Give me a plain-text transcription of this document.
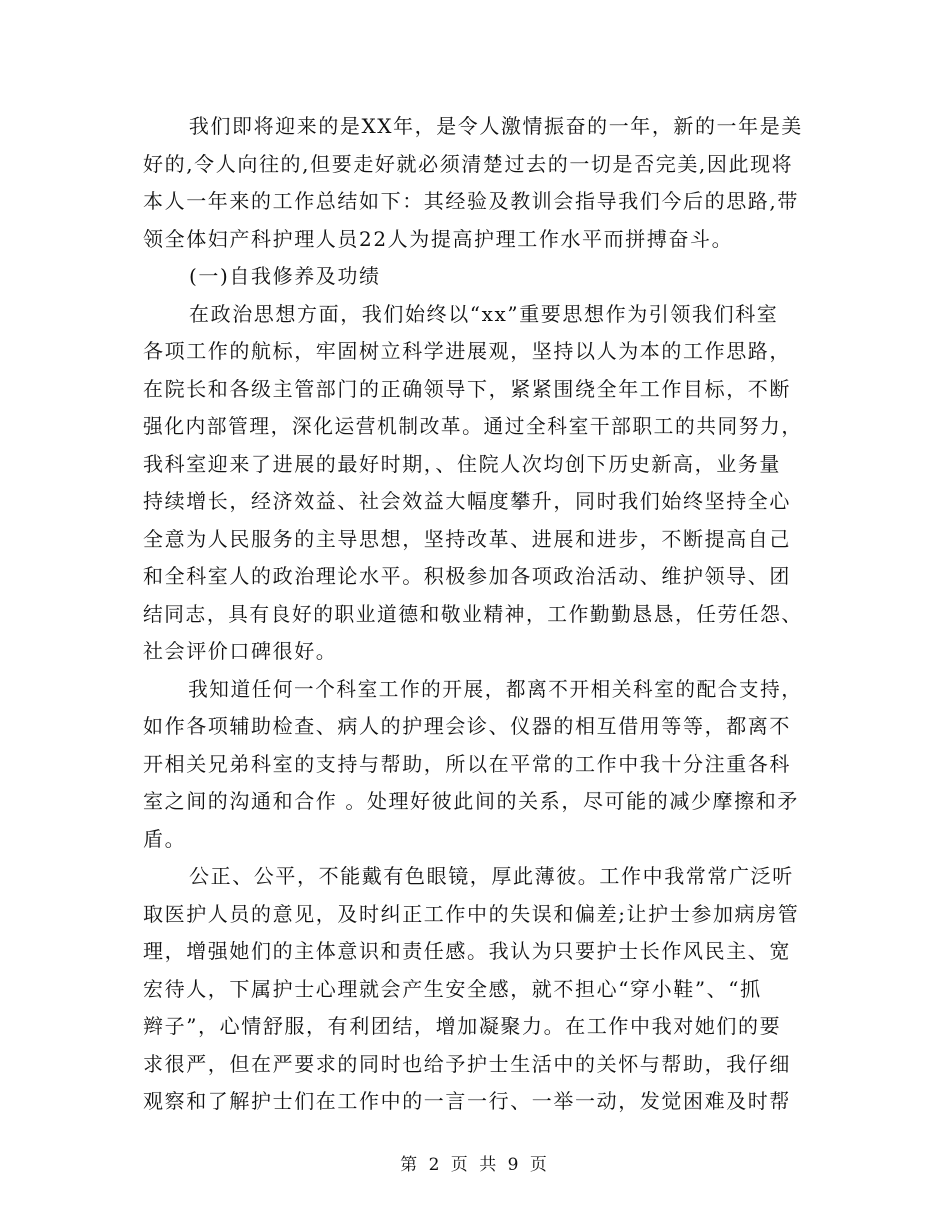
我们即将迎来的是XX年，是令人激情振奋的一年，新的一年是美
好的,令人向往的,但要走好就必须清楚过去的一切是否完美,因此现将
本人一年来的工作总结如下：其经验及教训会指导我们今后的思路,带
领全体妇产科护理人员22人为提高护理工作水平而拼搏奋斗。
(一)自我修养及功绩
在政治思想方面，我们始终以“xx”重要思想作为引领我们科室
各项工作的航标，牢固树立科学进展观，坚持以人为本的工作思路，
在院长和各级主管部门的正确领导下，紧紧围绕全年工作目标，不断
强化内部管理，深化运营机制改革。通过全科室干部职工的共同努力，
我科室迎来了进展的最好时期，、住院人次均创下历史新高，业务量
持续增长，经济效益、社会效益大幅度攀升，同时我们始终坚持全心
全意为人民服务的主导思想，坚持改革、进展和进步，不断提高自己
和全科室人的政治理论水平。积极参加各项政治活动、维护领导、团
结同志，具有良好的职业道德和敬业精神，工作勤勤恳恳，任劳任怨、
社会评价口碑很好。
我知道任何一个科室工作的开展，都离不开相关科室的配合支持，
如作各项辅助检查、病人的护理会诊、仪器的相互借用等等，都离不
开相关兄弟科室的支持与帮助，所以在平常的工作中我十分注重各科
室之间的沟通和合作 。处理好彼此间的关系，尽可能的减少摩擦和矛
盾。
公正、公平，不能戴有色眼镜，厚此薄彼。工作中我常常广泛听
取医护人员的意见，及时纠正工作中的失误和偏差;让护士参加病房管
理，增强她们的主体意识和责任感。我认为只要护士长作风民主、宽
宏待人，下属护士心理就会产生安全感，就不担心“穿小鞋”、“抓
辫子”，心情舒服，有利团结，增加凝聚力。在工作中我对她们的要
求很严，但在严要求的同时也给予护士生活中的关怀与帮助，我仔细
观察和了解护士们在工作中的一言一行、一举一动，发觉困难及时帮
第 2 页 共 9 页
